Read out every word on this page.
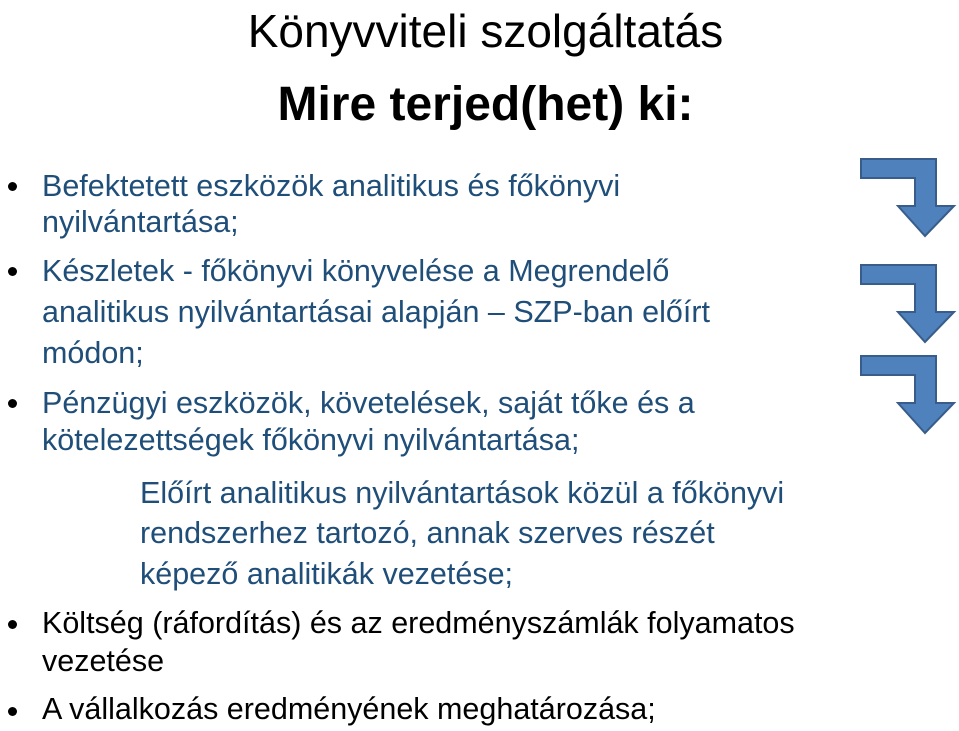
Könyvviteli szolgáltatás
Mire terjed(het) ki:
Befektetett eszközök analitikus és főkönyvi
nyilvántartása;
Készletek - főkönyvi könyvelése a Megrendelő
analitikus nyilvántartásai alapján – SZP-ban előírt
módon;
Pénzügyi eszközök, követelések, saját tőke és a
kötelezettségek főkönyvi nyilvántartása;
Előírt analitikus nyilvántartások közül a főkönyvi
rendszerhez tartozó, annak szerves részét
képező analitikák vezetése;
Költség (ráfordítás) és az eredményszámlák folyamatos
vezetése
A vállalkozás eredményének meghatározása;
